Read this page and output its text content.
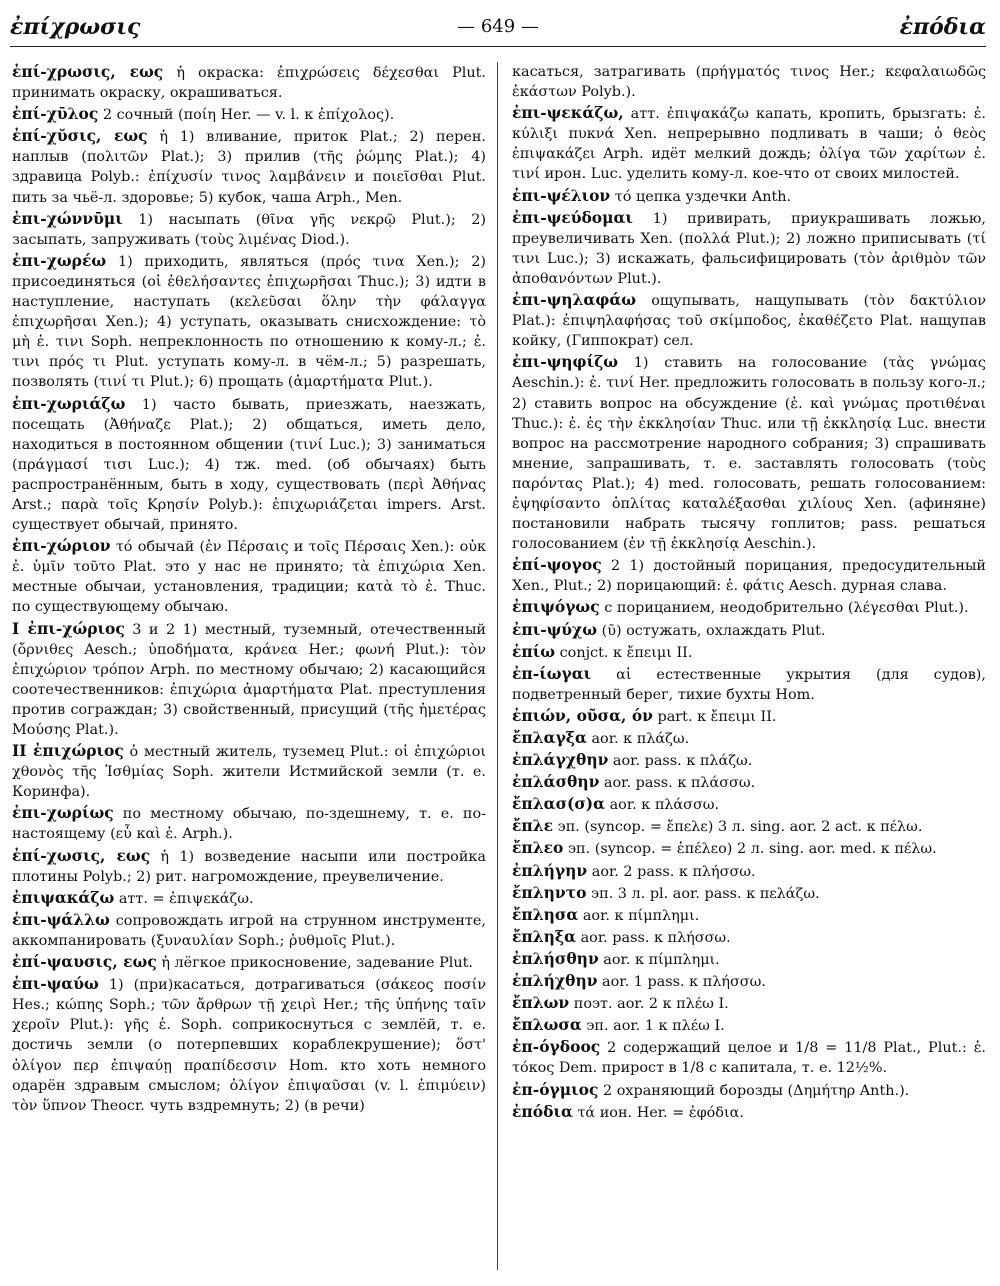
ἐπίχρωσις	— 649 —	ἐπόδια
ἐπί-χρωσις, εως ἡ окраска: ἐπιχρώσεις δέχεσθαι Plut. принимать окраску, окрашиваться.
ἐπί-χῡλος 2 сочный (ποίη Her. — v. l. к ἐπίχολος).
ἐπί-χῠσις, εως ἡ 1) вливание, приток Plat.; 2) перен. наплыв (πολιτῶν Plat.); 3) прилив (τῆς ῥώμης Plat.); 4) здравица Polyb.: ἐπίχυσίν τινος λαμβάνειν и ποιεῖσθαι Plut. пить за чьё-л. здоровье; 5) кубок, чаша Arph., Men.
ἐπι-χώννῡμι 1) насыпать (θῖνα γῆς νεκρῷ Plut.); 2) засыпать, запруживать (τοὺς λιμένας Diod.).
ἐπι-χωρέω 1) приходить, являться (πρός τινα Xen.); 2) присоединяться (οἱ ἐθελήσαντες ἐπιχωρῆσαι Thuc.); 3) идти в наступление, наступать (κελεῦσαι ὅλην τὴν φάλαγγα ἐπιχωρῆσαι Xen.); 4) уступать, оказывать снисхождение: τὸ μὴ ἐ. τινι Soph. непреклонность по отношению к кому-л.; ἐ. τινι πρός τι Plut. уступать кому-л. в чём-л.; 5) разрешать, позволять (τινί τι Plut.); 6) прощать (ἁμαρτήματα Plut.).
ἐπι-χωριάζω 1) часто бывать, приезжать, наезжать, посещать (Ἀθήναζε Plat.); 2) общаться, иметь дело, находиться в постоянном общении (τινί Luc.); 3) заниматься (πράγμασί τισι Luc.); 4) тж. med. (об обычаях) быть распространённым, быть в ходу, существовать (περὶ Ἀθήνας Arst.; παρὰ τοῖς Κρησίν Polyb.): ἐπιχωριάζεται impers. Arst. существует обычай, принято.
ἐπι-χώριον τό обычай (ἐν Πέρσαις и τοῖς Πέρσαις Xen.): οὐκ ἐ. ὑμῖν τοῦτο Plat. это у нас не принято; τὰ ἐπιχώρια Xen. местные обычаи, установления, традиции; κατὰ τὸ ἐ. Thuc. по существующему обычаю.
I ἐπι-χώριος 3 и 2 1) местный, туземный, отечественный (ὄρνιθες Aesch.; ὑποδήματα, κράνεα Her.; φωνή Plut.): τὸν ἐπιχώριον τρόπον Arph. по местному обычаю; 2) касающийся соотечественников: ἐπιχώρια ἁμαρτήματα Plat. преступления против сограждан; 3) свойственный, присущий (τῆς ἡμετέρας Μούσης Plat.).
II ἐπιχώριος ὁ местный житель, туземец Plut.: οἱ ἐπιχώριοι χθονὸς τῆς Ἰσθμίας Soph. жители Истмийской земли (т. е. Коринфа).
ἐπι-χωρίως по местному обычаю, по-здешнему, т. е. по-настоящему (εὖ καὶ ἐ. Arph.).
ἐπί-χωσις, εως ἡ 1) возведение насыпи или постройка плотины Polyb.; 2) рит. нагромождение, преувеличение.
ἐπιψακάζω атт. = ἐπιψεκάζω.
ἐπι-ψάλλω сопровождать игрой на струнном инструменте, аккомпанировать (ξυναυλίαν Soph.; ῥυθμοῖς Plut.).
ἐπί-ψαυσις, εως ἡ лёгкое прикосновение, задевание Plut.
ἐπι-ψαύω 1) (при)касаться, дотрагиваться (σάκεος ποσίν Hes.; κώπης Soph.; τῶν ἄρθρων τῇ χειρὶ Her.; τῆς ὑπήνης ταῖν χεροῖν Plut.): γῆς ἐ. Soph. соприкоснуться с землёй, т. е. достичь земли (о потерпевших кораблекрушение); ὅστ' ὀλίγον περ ἐπιψαύῃ πραπίδεσσιν Hom. кто хоть немного одарён здравым смыслом; ὀλίγον ἐπιψαῦσαι (v. l. ἐπιμύειν) τὸν ὕπνον Theocr. чуть вздремнуть; 2) (в речи)
касаться, затрагивать (πρήγματός τινος Her.; κεφαλαιωδῶς ἑκάστων Polyb.).
ἐπι-ψεκάζω, атт. ἐπιψακάζω капать, кропить, брызгать: ἐ. κύλιξι πυκνά Xen. непрерывно подливать в чаши; ὁ θεὸς ἐπιψακάζει Arph. идёт мелкий дождь; ὀλίγα τῶν χαρίτων ἐ. τινί ирон. Luc. уделить кому-л. кое-что от своих милостей.
ἐπι-ψέλιον τό цепка уздечки Anth.
ἐπι-ψεύδομαι 1) привирать, приукрашивать ложью, преувеличивать Xen. (πολλά Plut.); 2) ложно приписывать (τί τινι Luc.); 3) искажать, фальсифицировать (τὸν ἀριθμὸν τῶν ἀποθανόντων Plut.).
ἐπι-ψηλαφάω ощупывать, нащупывать (τὸν δακτύλιον Plat.): ἐπιψηλαφήσας τοῦ σκίμποδος, ἐκαθέζετο Plat. нащупав койку, (Гиппократ) сел.
ἐπι-ψηφίζω 1) ставить на голосование (τὰς γνώμας Aeschin.): ἐ. τινί Her. предложить голосовать в пользу кого-л.; 2) ставить вопрос на обсуждение (ἐ. καὶ γνώμας προτιθέναι Thuc.): ἐ. ἐς τὴν ἐκκλησίαν Thuc. или τῇ ἐκκλησίᾳ Luc. внести вопрос на рассмотрение народного собрания; 3) спрашивать мнение, запрашивать, т. е. заставлять голосовать (τοὺς παρόντας Plat.); 4) med. голосовать, решать голосованием: ἐψηφίσαντο ὁπλίτας καταλέξασθαι χιλίους Xen. (афиняне) постановили набрать тысячу гоплитов; pass. решаться голосованием (ἐν τῇ ἐκκλησίᾳ Aeschin.).
ἐπί-ψογος 2 1) достойный порицания, предосудительный Xen., Plut.; 2) порицающий: ἐ. φάτις Aesch. дурная слава.
ἐπιψόγως с порицанием, неодобрительно (λέγεσθαι Plut.).
ἐπι-ψύχω (ῡ) остужать, охлаждать Plut.
ἐπίω conjct. к ἔπειμι II.
ἐπ-ίωγαι αἱ естественные укрытия (для судов), подветренный берег, тихие бухты Hom.
ἐπιών, οῦσα, όν part. к ἔπειμι II.
ἔπλαγξα aor. к πλάζω.
ἐπλάγχθην aor. pass. к πλάζω.
ἐπλάσθην aor. pass. к πλάσσω.
ἔπλασ(σ)α aor. к πλάσσω.
ἔπλε эп. (syncop. = ἔπελε) 3 л. sing. aor. 2 act. к πέλω.
ἔπλεο эп. (syncop. = ἐπέλεο) 2 л. sing. aor. med. к πέλω.
ἐπλήγην aor. 2 pass. к πλήσσω.
ἔπληντο эп. 3 л. pl. aor. pass. к πελάζω.
ἔπλησα aor. к πίμπλημι.
ἔπληξα aor. pass. к πλήσσω.
ἐπλήσθην aor. к πίμπλημι.
ἐπλήχθην aor. 1 pass. к πλήσσω.
ἔπλων поэт. aor. 2 к πλέω I.
ἔπλωσα эп. aor. 1 к πλέω I.
ἐπ-όγδοος 2 содержащий целое и 1/8 = 11/8 Plat., Plut.: ἐ. τόκος Dem. прирост в 1/8 с капитала, т. е. 12½%.
ἐπ-όγμιος 2 охраняющий борозды (Δημήτηρ Anth.).
ἐπόδια τά ион. Her. = ἐφόδια.
